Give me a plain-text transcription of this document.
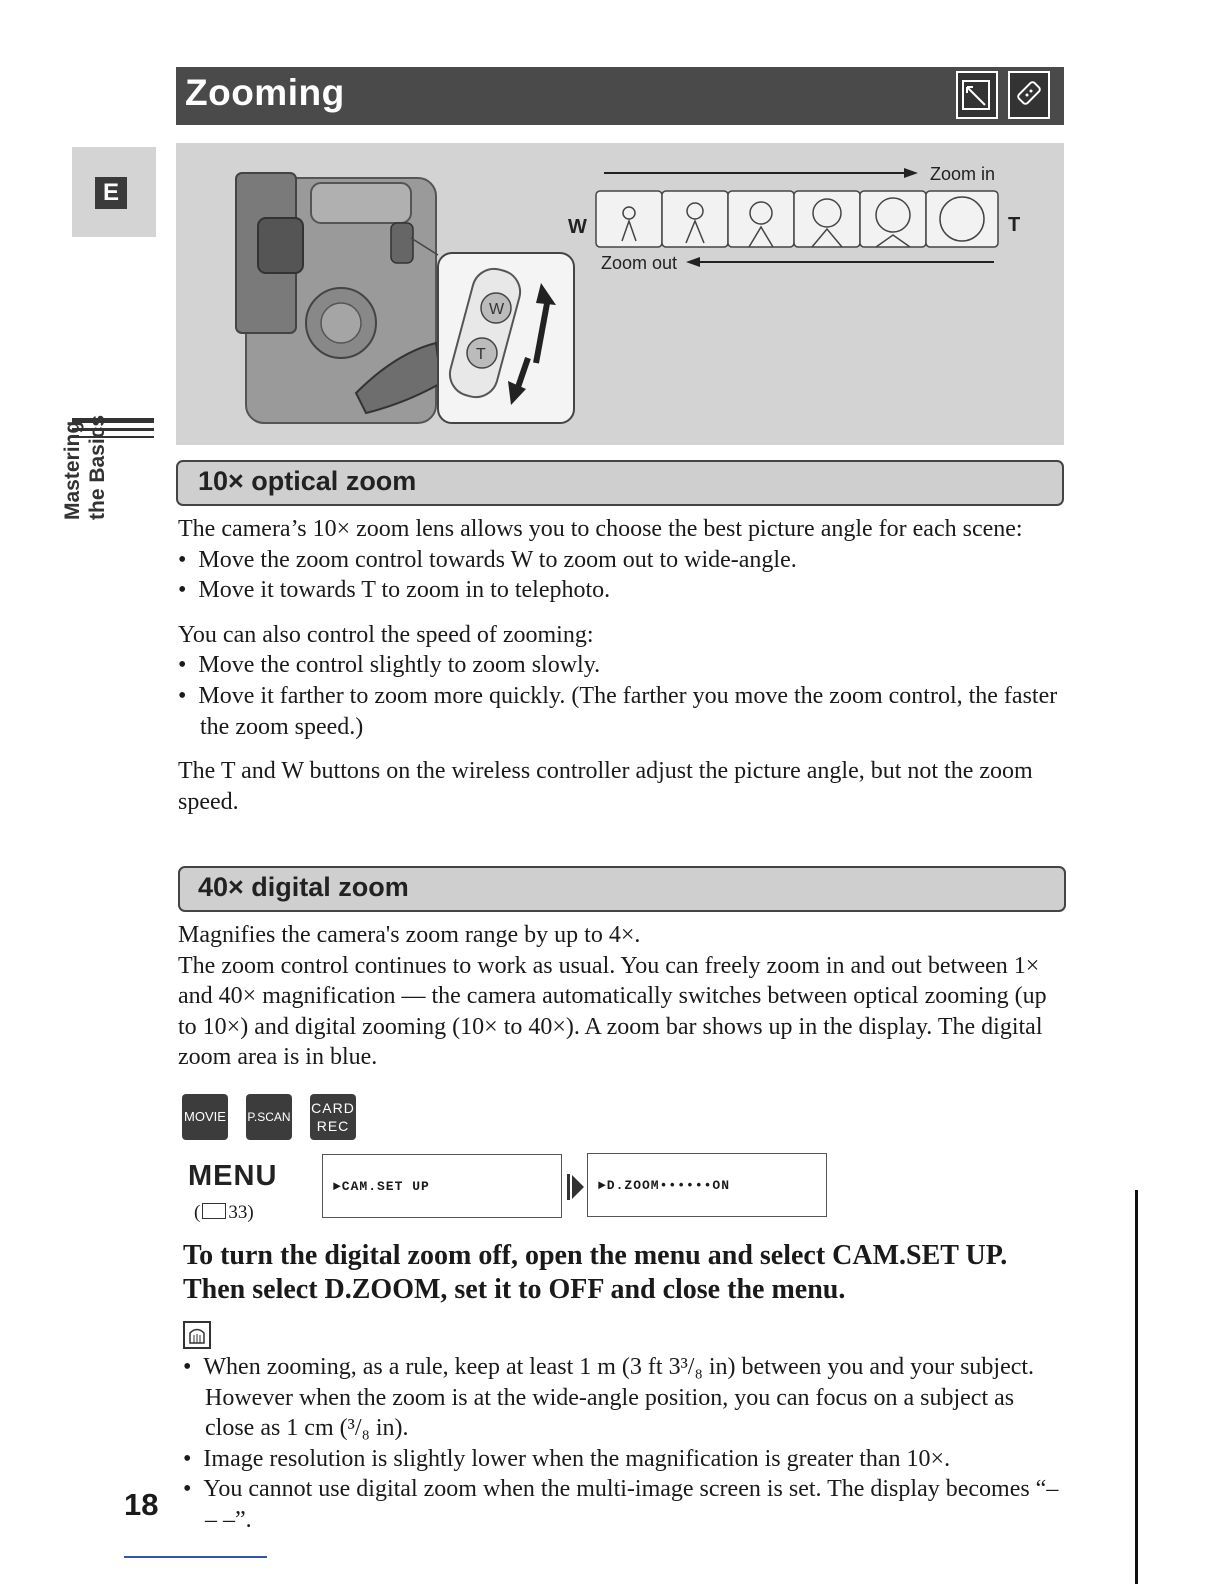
Zooming
E
Mastering the Basics
W
T
Zoom in
W	T
Zoom out
10× optical zoom

The camera’s 10× zoom lens allows you to choose the best picture angle for each scene:

•  Move the zoom control towards W to zoom out to wide-angle.

•  Move it towards T to zoom in to telephoto.

You can also control the speed of zooming:

•  Move the control slightly to zoom slowly.

•  Move it farther to zoom more quickly. (The farther you move the zoom control, the faster the zoom speed.)

The T and W buttons on the wireless controller adjust the picture angle, but not the zoom speed.

40× digital zoom

Magnifies the camera's zoom range by up to 4×.

The zoom control continues to work as usual. You can freely zoom in and out between 1× and 40× magnification — the camera automatically switches between optical zooming (up to 10×) and digital zooming (10× to 40×). A zoom bar shows up in the display. The digital zoom area is in blue.

MOVIE P.SCAN
CARD REC
MENU
( 33)
►CAM.SET UP	►D.ZOOM••••••ON
To turn the digital zoom off, open the menu and select CAM.SET UP. Then select D.ZOOM, set it to OFF and close the menu.

•  When zooming, as a rule, keep at least 1 m (3 ft 3³/₈ in) between you and your subject. However when the zoom is at the wide-angle position, you can focus on a subject as close as 1 cm (³/₈ in).

•  Image resolution is slightly lower when the magnification is greater than 10×.

•  You cannot use digital zoom when the multi-image screen is set. The display becomes “– – –”.

18
